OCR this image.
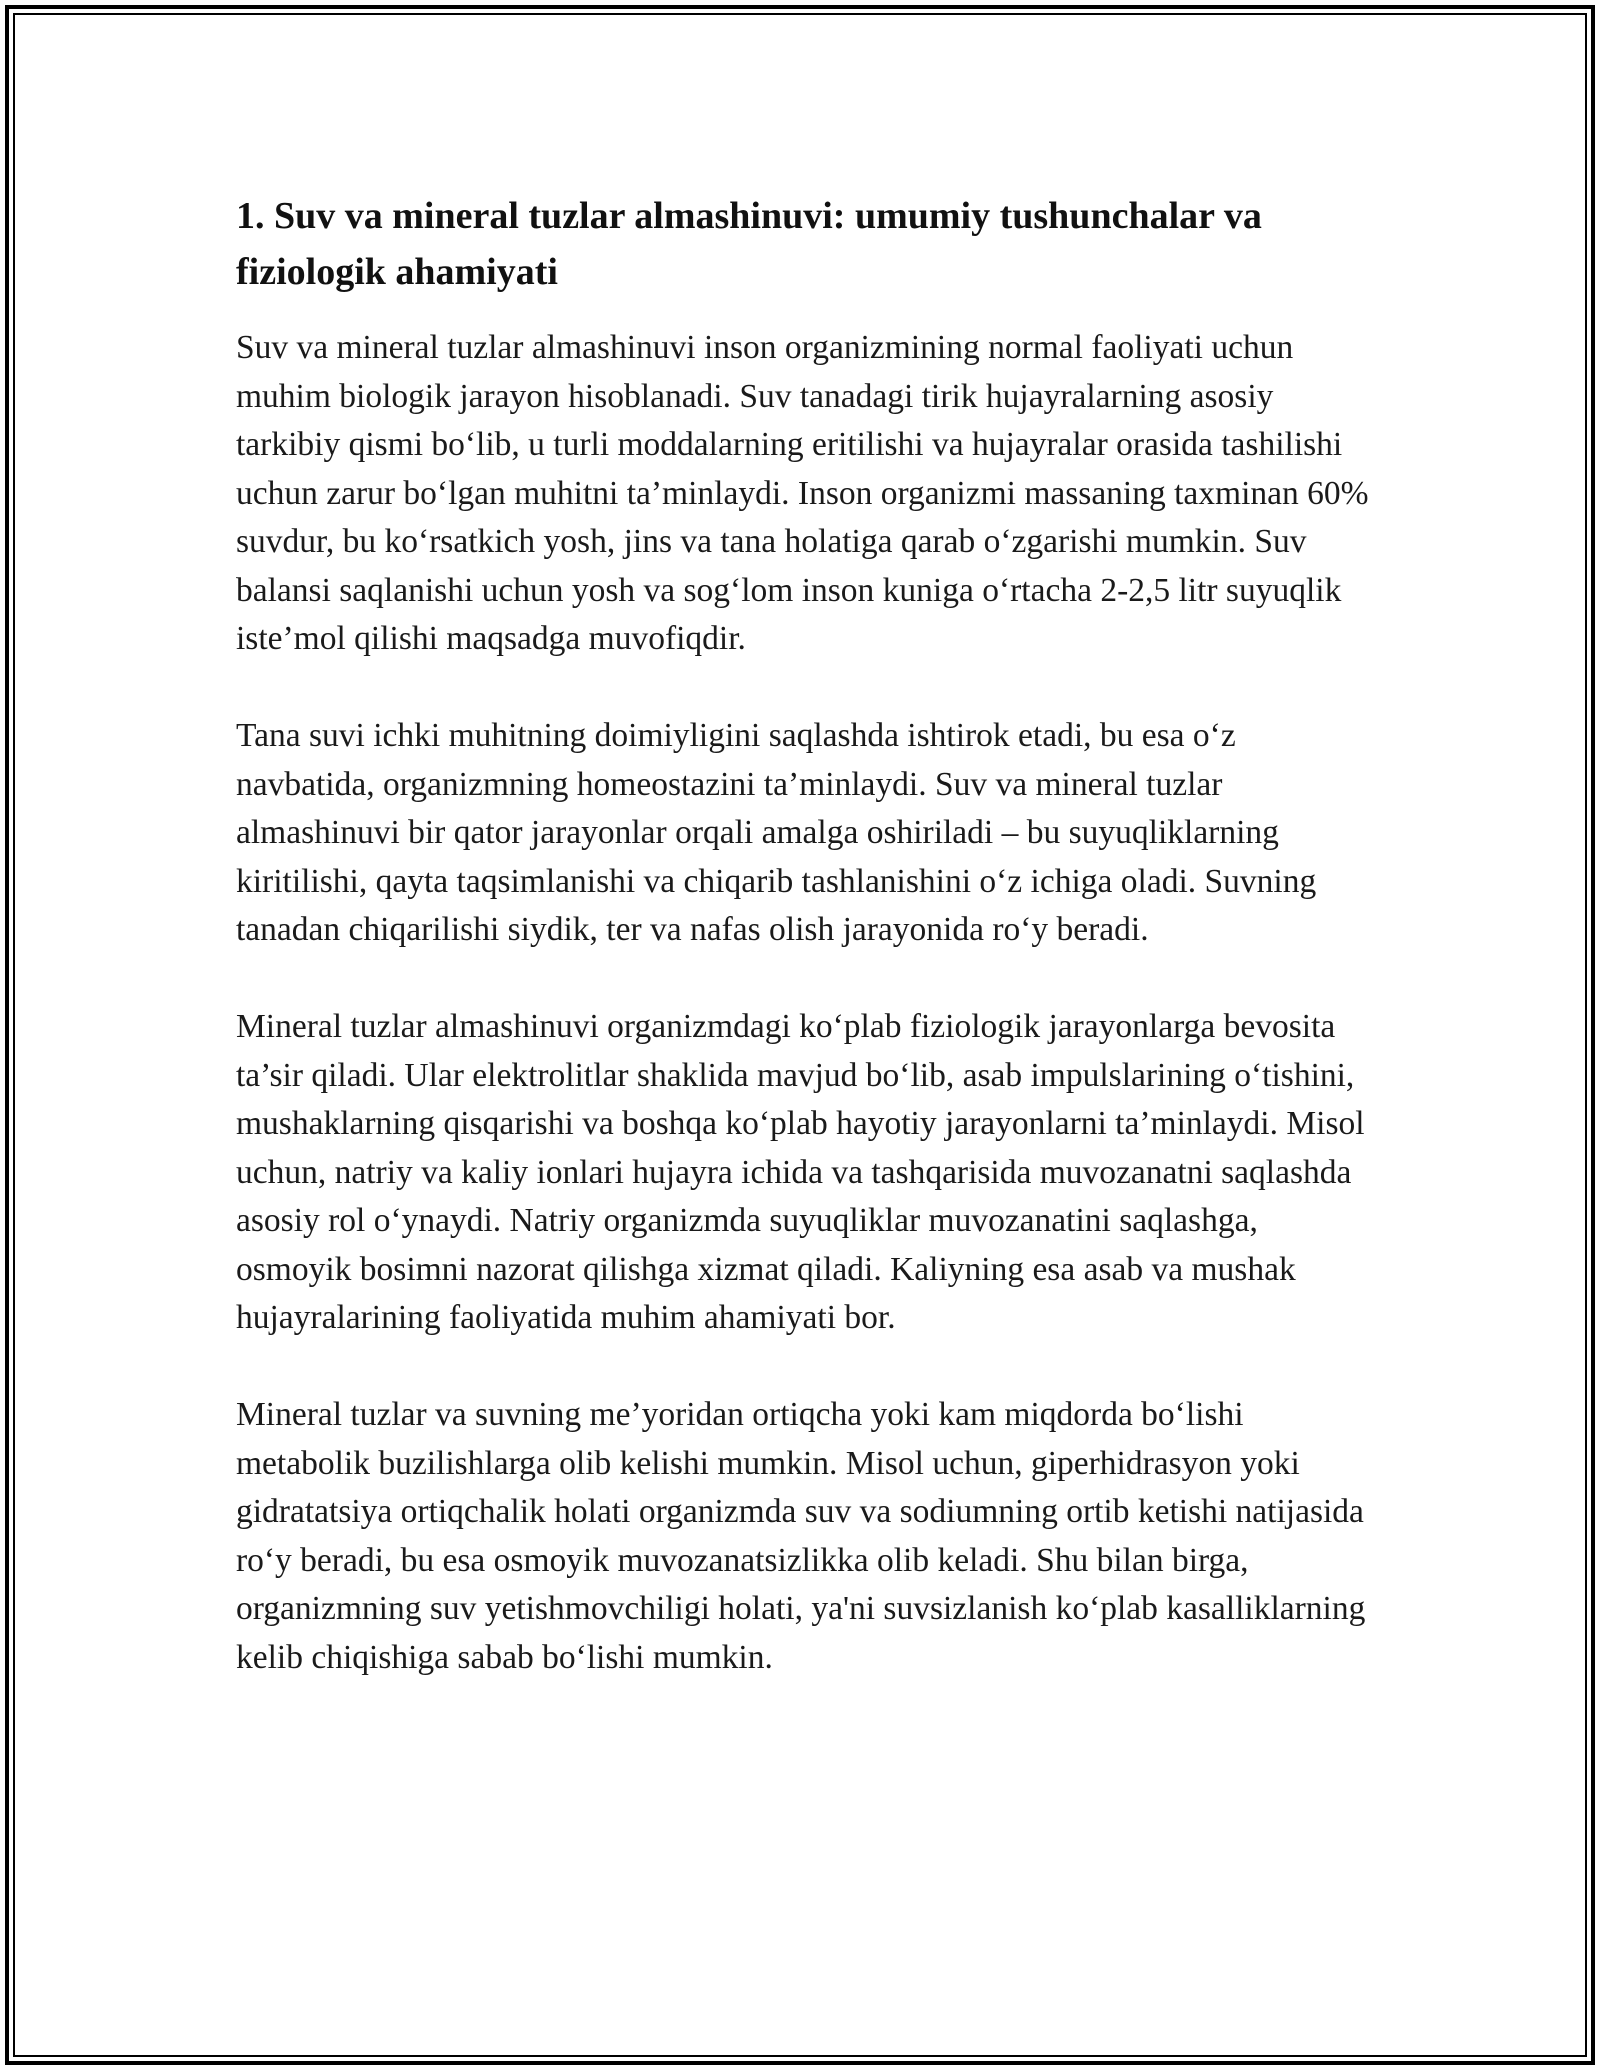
1. Suv va mineral tuzlar almashinuvi: umumiy tushunchalar va fiziologik ahamiyati

Suv va mineral tuzlar almashinuvi inson organizmining normal faoliyati uchun muhim biologik jarayon hisoblanadi. Suv tanadagi tirik hujayralarning asosiy tarkibiy qismi bo‘lib, u turli moddalarning eritilishi va hujayralar orasida tashilishi uchun zarur bo‘lgan muhitni ta’minlaydi. Inson organizmi massaning taxminan 60% suvdur, bu ko‘rsatkich yosh, jins va tana holatiga qarab o‘zgarishi mumkin. Suv balansi saqlanishi uchun yosh va sog‘lom inson kuniga o‘rtacha 2-2,5 litr suyuqlik iste’mol qilishi maqsadga muvofiqdir.

Tana suvi ichki muhitning doimiyligini saqlashda ishtirok etadi, bu esa o‘z navbatida, organizmning homeostazini ta’minlaydi. Suv va mineral tuzlar almashinuvi bir qator jarayonlar orqali amalga oshiriladi – bu suyuqliklarning kiritilishi, qayta taqsimlanishi va chiqarib tashlanishini o‘z ichiga oladi. Suvning tanadan chiqarilishi siydik, ter va nafas olish jarayonida ro‘y beradi.

Mineral tuzlar almashinuvi organizmdagi ko‘plab fiziologik jarayonlarga bevosita ta’sir qiladi. Ular elektrolitlar shaklida mavjud bo‘lib, asab impulslarining o‘tishini, mushaklarning qisqarishi va boshqa ko‘plab hayotiy jarayonlarni ta’minlaydi. Misol uchun, natriy va kaliy ionlari hujayra ichida va tashqarisida muvozanatni saqlashda asosiy rol o‘ynaydi. Natriy organizmda suyuqliklar muvozanatini saqlashga, osmoyik bosimni nazorat qilishga xizmat qiladi. Kaliyning esa asab va mushak hujayralarining faoliyatida muhim ahamiyati bor.

Mineral tuzlar va suvning me’yoridan ortiqcha yoki kam miqdorda bo‘lishi metabolik buzilishlarga olib kelishi mumkin. Misol uchun, giperhidrasyon yoki gidratatsiya ortiqchalik holati organizmda suv va sodiumning ortib ketishi natijasida ro‘y beradi, bu esa osmoyik muvozanatsizlikka olib keladi. Shu bilan birga, organizmning suv yetishmovchiligi holati, ya'ni suvsizlanish ko‘plab kasalliklarning kelib chiqishiga sabab bo‘lishi mumkin.
